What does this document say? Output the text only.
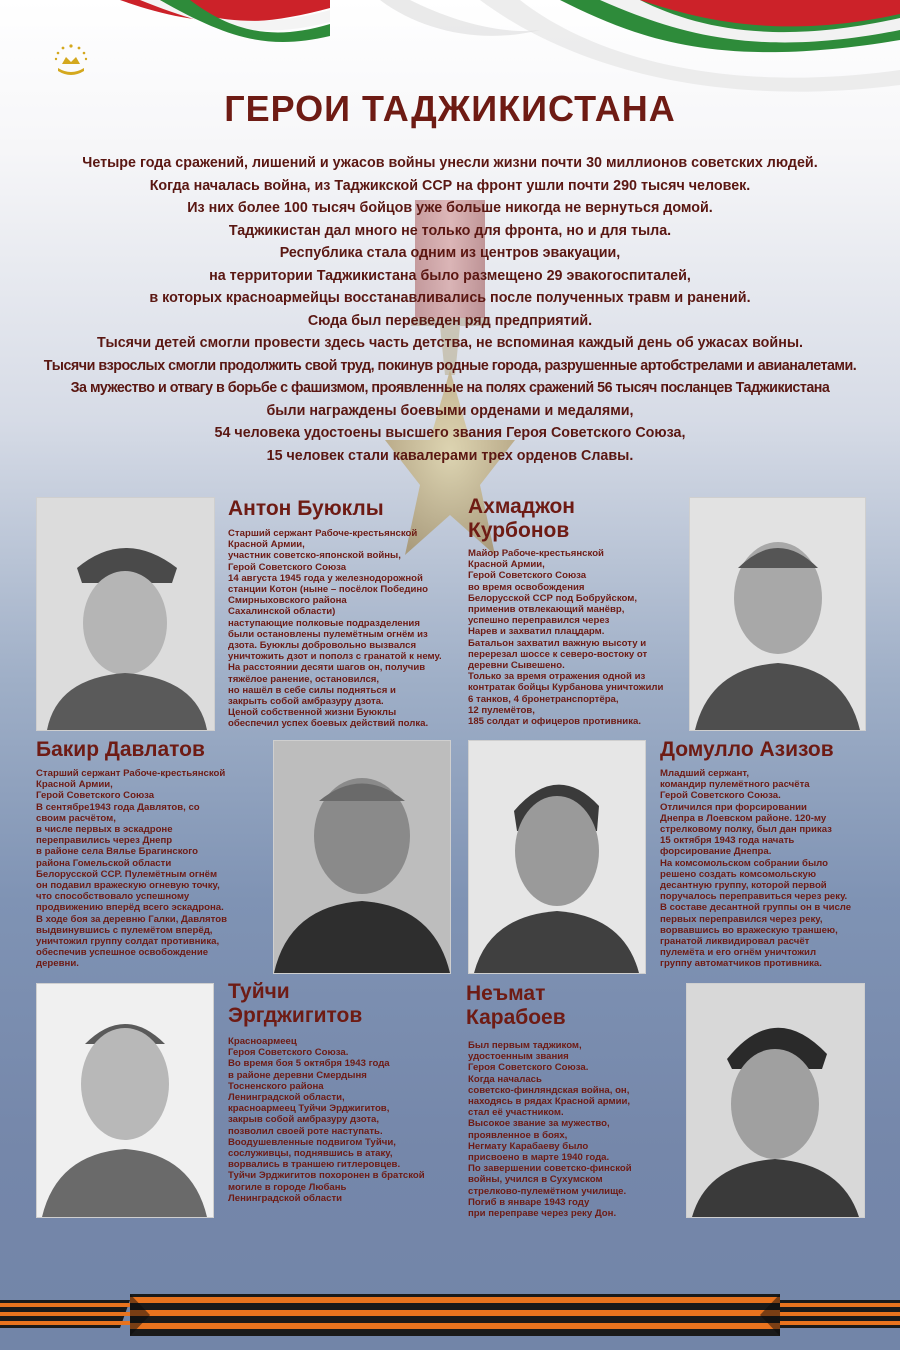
ГЕРОИ ТАДЖИКИСТАНА
Четыре года сражений, лишений и ужасов войны унесли жизни почти 30 миллионов советских людей.
Когда началась война, из Таджикской ССР на фронт ушли почти 290 тысяч человек.
Из них более 100 тысяч бойцов уже больше никогда не вернуться домой.
Таджикистан дал много не только для фронта, но и для тыла.
Республика стала одним из центров эвакуации,
на территории Таджикистана было размещено 29 эвакогоспиталей,
в которых красноармейцы восстанавливались после полученных травм и ранений.
Сюда был переведен ряд предприятий.
Тысячи детей смогли провести здесь часть детства, не вспоминая каждый день об ужасах войны.
Тысячи взрослых смогли продолжить свой труд, покинув родные города, разрушенные артобстрелами и авианалетами.
За мужество и отвагу в борьбе с фашизмом, проявленные на полях сражений 56 тысяч посланцев Таджикистана
были награждены боевыми орденами и медалями,
54 человека удостоены высшего звания Героя Советского Союза,
15 человек стали кавалерами трех орденов Славы.
Антон Буюклы
Старший сержант Рабоче-крестьянской
Красной Армии,
участник советско-японской войны,
Герой Советского Союза
14 августа 1945 года у железнодорожной
станции Котон (ныне – посёлок Победино
Смирныховского района
Сахалинской области)
наступающие полковые подразделения
были остановлены пулемётным огнём из
дзота. Буюклы добровольно вызвался
уничтожить дзот и пополз с гранатой к нему.
На расстоянии десяти шагов он, получив
тяжёлое ранение, остановился,
но нашёл в себе силы подняться и
закрыть собой амбразуру дзота.
Ценой собственной жизни Буюклы
обеспечил успех боевых действий полка.
Ахмаджон
Курбонов
Майор Рабоче-крестьянской
Красной Армии,
Герой Советского Союза
во время освобождения
Белорусской ССР под Бобруйском,
применив отвлекающий манёвр,
успешно переправился через
Нарев и захватил плацдарм.
Батальон захватил важную высоту и
перерезал шоссе к северо-востоку от
деревни Сывешено.
Только за время отражения одной из
контратак бойцы Курбанова уничтожили
6 танков, 4 бронетранспортёра,
12 пулемётов,
185 солдат и офицеров противника.
Бакир Давлатов
Старший сержант Рабоче-крестьянской
Красной Армии,
Герой Советского Союза
В сентябре1943 года Давлятов, со
своим расчётом,
в числе первых в эскадроне
переправились через Днепр
в районе села Вялье Брагинского
района Гомельской области
Белорусской ССР. Пулемётным огнём
он подавил вражескую огневую точку,
что способствовало успешному
продвижению вперёд всего эскадрона.
В ходе боя за деревню Галки, Давлятов
выдвинувшись с пулемётом вперёд,
уничтожил группу солдат противника,
обеспечив успешное освобождение
деревни.
Домулло Азизов
Младший сержант,
командир пулемётного расчёта
Герой Советского Союза.
Отличился при форсировании
Днепра в Лоевском районе. 120-му
стрелковому полку, был дан приказ
15 октября 1943 года начать
форсирование Днепра.
На комсомольском собрании было
решено создать комсомольскую
десантную группу, которой первой
поручалось переправиться через реку.
В составе десантной группы он в числе
первых переправился через реку,
ворвавшись во вражескую траншею,
гранатой ликвидировал расчёт
пулемёта и его огнём уничтожил
группу автоматчиков противника.
Туйчи
Эргджигитов
Красноармеец
Героя Советского Союза.
Во время боя 5 октября 1943 года
в районе деревни Смердыня
Тосненского района
Ленинградской области,
красноармеец Туйчи Эрджигитов,
закрыв собой амбразуру дзота,
позволил своей роте наступать.
Воодушевленные подвигом Туйчи,
сослуживцы, поднявшись в атаку,
ворвались в траншею гитлеровцев.
Туйчи Эрджигитов похоронен в братской
могиле в городе Любань
Ленинградской области
Неъмат
Карабоев
Был первым таджиком,
удостоенным звания
Героя Советского Союза.
Когда началась
советско-финляндская война, он,
находясь в рядах Красной армии,
стал её участником.
Высокое звание за мужество,
проявленное в боях,
Негмату Карабаеву было
присвоено в марте 1940 года.
По завершении советско-финской
войны, учился в Сухумском
стрелково-пулемётном училище.
Погиб в январе 1943 году
при переправе через реку Дон.
